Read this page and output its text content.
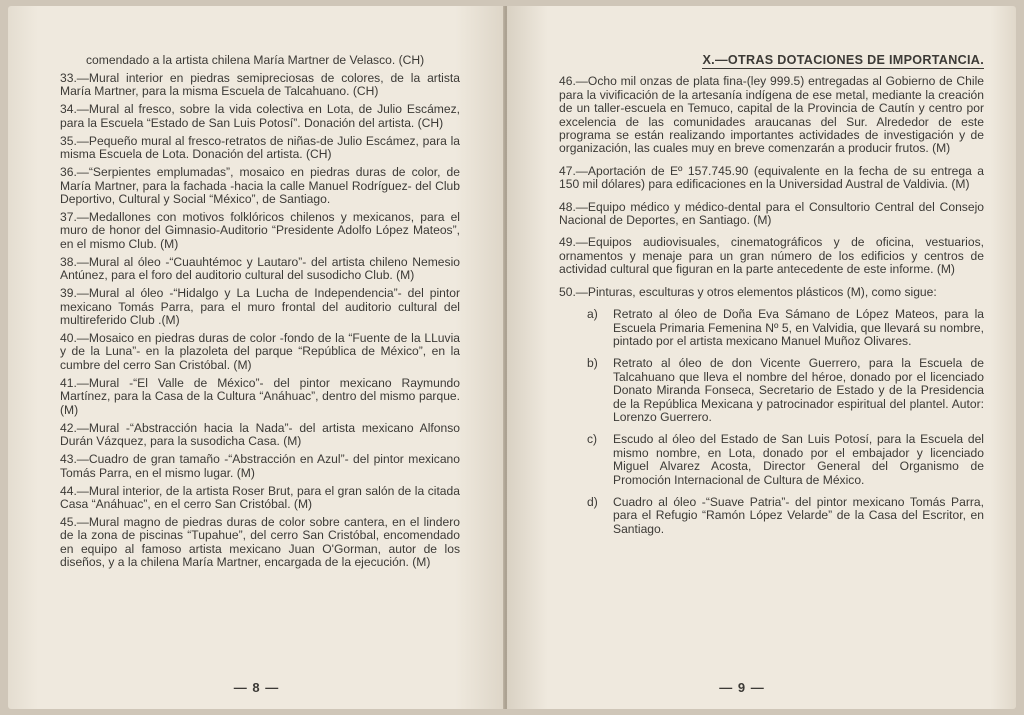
comendado a la artista chilena María Martner de Velasco. (CH)

33.—Mural interior en piedras semipreciosas de colores, de la artista María Martner, para la misma Escuela de Talcahuano. (CH)

34.—Mural al fresco, sobre la vida colectiva en Lota, de Julio Escámez, para la Escuela “Estado de San Luis Potosí”. Donación del artista. (CH)

35.—Pequeño mural al fresco-retratos de niñas-de Julio Escámez, para la misma Escuela de Lota. Donación del artista. (CH)

36.—“Serpientes emplumadas”, mosaico en piedras duras de color, de María Martner, para la fachada -hacia la calle Manuel Rodríguez- del Club Deportivo, Cultural y Social “México”, de Santiago.

37.—Medallones con motivos folklóricos chilenos y mexicanos, para el muro de honor del Gimnasio-Auditorio “Presidente Adolfo López Mateos”, en el mismo Club. (M)

38.—Mural al óleo -“Cuauhtémoc y Lautaro”- del artista chileno Nemesio Antúnez, para el foro del auditorio cultural del susodicho Club. (M)

39.—Mural al óleo -“Hidalgo y La Lucha de Independencia”- del pintor mexicano Tomás Parra, para el muro frontal del auditorio cultural del multireferido Club .(M)

40.—Mosaico en piedras duras de color -fondo de la “Fuente de la LLuvia y de la Luna”- en la plazoleta del parque “República de México”, en la cumbre del cerro San Cristóbal. (M)

41.—Mural -“El Valle de México”- del pintor mexicano Raymundo Martínez, para la Casa de la Cultura “Anáhuac”, dentro del mismo parque. (M)

42.—Mural -“Abstracción hacia la Nada”- del artista mexicano Alfonso Durán Vázquez, para la susodicha Casa. (M)

43.—Cuadro de gran tamaño -“Abstracción en Azul”- del pintor mexicano Tomás Parra, en el mismo lugar. (M)

44.—Mural interior, de la artista Roser Brut, para el gran salón de la citada Casa “Anáhuac”, en el cerro San Cristóbal. (M)

45.—Mural magno de piedras duras de color sobre cantera, en el lindero de la zona de piscinas “Tupahue”, del cerro San Cristóbal, encomendado en equipo al famoso artista mexicano Juan O'Gorman, autor de los diseños, y a la chilena María Martner, encargada de la ejecución. (M)

— 8 —
X.—OTRAS DOTACIONES DE IMPORTANCIA.

46.—Ocho mil onzas de plata fina-(ley 999.5) entregadas al Gobierno de Chile para la vivificación de la artesanía indígena de ese metal, mediante la creación de un taller-escuela en Temuco, capital de la Provincia de Cautín y centro por excelencia de las comunidades araucanas del Sur. Alrededor de este programa se están realizando importantes actividades de investigación y de organización, las cuales muy en breve comenzarán a producir frutos. (M)

47.—Aportación de Eº 157.745.90 (equivalente en la fecha de su entrega a 150 mil dólares) para edificaciones en la Universidad Austral de Valdivia. (M)

48.—Equipo médico y médico-dental para el Consultorio Central del Consejo Nacional de Deportes, en Santiago. (M)

49.—Equipos audiovisuales, cinematográficos y de oficina, vestuarios, ornamentos y menaje para un gran número de los edificios y centros de actividad cultural que figuran en la parte antecedente de este informe. (M)

50.—Pinturas, esculturas y otros elementos plásticos (M), como sigue:

a)	Retrato al óleo de Doña Eva Sámano de López Mateos, para la Escuela Primaria Femenina Nº 5, en Valvidia, que llevará su nombre, pintado por el artista mexicano Manuel Muñoz Olivares.
b)	Retrato al óleo de don Vicente Guerrero, para la Escuela de Talcahuano que lleva el nombre del héroe, donado por el licenciado Donato Miranda Fonseca, Secretario de Estado y de la Presidencia de la República Mexicana y patrocinador espiritual del plantel. Autor: Lorenzo Guerrero.
c)	Escudo al óleo del Estado de San Luis Potosí, para la Escuela del mismo nombre, en Lota, donado por el embajador y licenciado Miguel Alvarez Acosta, Director General del Organismo de Promoción Internacional de Cultura de México.
d)	Cuadro al óleo -“Suave Patria”- del pintor mexicano Tomás Parra, para el Refugio “Ramón López Velarde” de la Casa del Escritor, en Santiago.
— 9 —
